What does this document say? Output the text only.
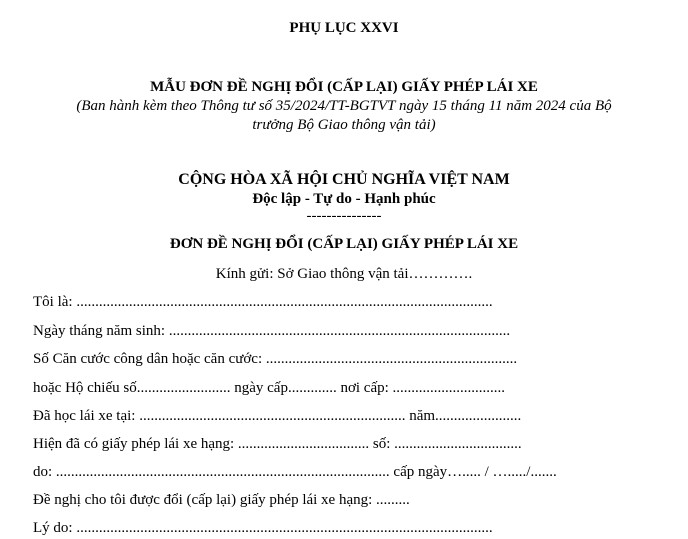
PHỤ LỤC XXVI
MẪU ĐƠN ĐỀ NGHỊ ĐỔI (CẤP LẠI) GIẤY PHÉP LÁI XE
(Ban hành kèm theo Thông tư số 35/2024/TT-BGTVT ngày 15 tháng 11 năm 2024 của Bộ
trưởng Bộ Giao thông vận tải)
CỘNG HÒA XÃ HỘI CHỦ NGHĨA VIỆT NAM
Độc lập - Tự do - Hạnh phúc
---------------
ĐƠN ĐỀ NGHỊ ĐỔI (CẤP LẠI) GIẤY PHÉP LÁI XE
Kính gửi: Sở Giao thông vận tải………….
Tôi là: ...............................................................................................................
Ngày tháng năm sinh: ...........................................................................................
Số Căn cước công dân hoặc căn cước: ...................................................................
hoặc Hộ chiếu số......................... ngày cấp............. nơi cấp: ..............................
Đã học lái xe tại: ....................................................................... năm.......................
Hiện đã có giấy phép lái xe hạng: ................................... số: ..................................
do: ......................................................................................... cấp ngày…..... / …...../.......
Đề nghị cho tôi được đổi (cấp lại) giấy phép lái xe hạng: .........
Lý do: ...............................................................................................................
